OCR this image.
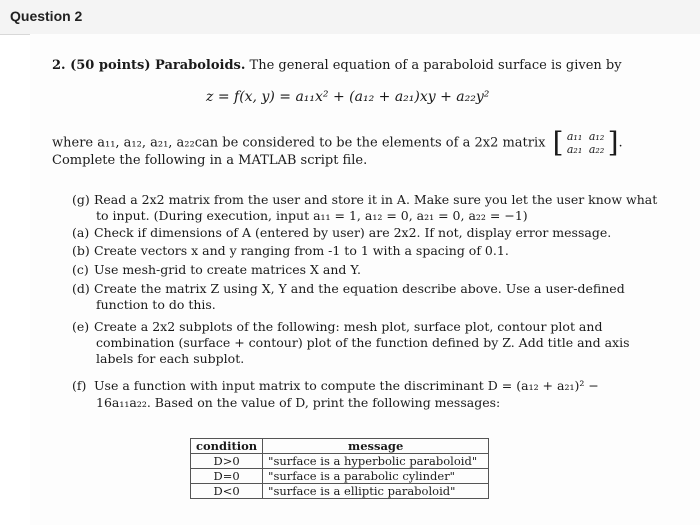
Question 2
2. (50 points) Paraboloids. The general equation of a paraboloid surface is given by
z = f(x, y) = a₁₁x² + (a₁₂ + a₂₁)xy + a₂₂y²
where a₁₁, a₁₂, a₂₁, a₂₂can be considered to be the elements of a 2x2 matrix [ a₁₁ a₁₂
a₂₁ a₂₂ ].
Complete the following in a MATLAB script file.
(g) Read a 2x2 matrix from the user and store it in A. Make sure you let the user know what
to input. (During execution, input a₁₁ = 1, a₁₂ = 0, a₂₁ = 0, a₂₂ = −1)
(a) Check if dimensions of A (entered by user) are 2x2. If not, display error message.
(b) Create vectors x and y ranging from -1 to 1 with a spacing of 0.1.
(c) Use mesh-grid to create matrices X and Y.
(d) Create the matrix Z using X, Y and the equation describe above. Use a user-defined
function to do this.
(e) Create a 2x2 subplots of the following: mesh plot, surface plot, contour plot and
combination (surface + contour) plot of the function defined by Z. Add title and axis
labels for each subplot.
(f) Use a function with input matrix to compute the discriminant D = (a₁₂ + a₂₁)² −
16a₁₁a₂₂. Based on the value of D, print the following messages:
condition	message
D>0	"surface is a hyperbolic paraboloid"
D=0	"surface is a parabolic cylinder"
D<0	"surface is a elliptic paraboloid"
